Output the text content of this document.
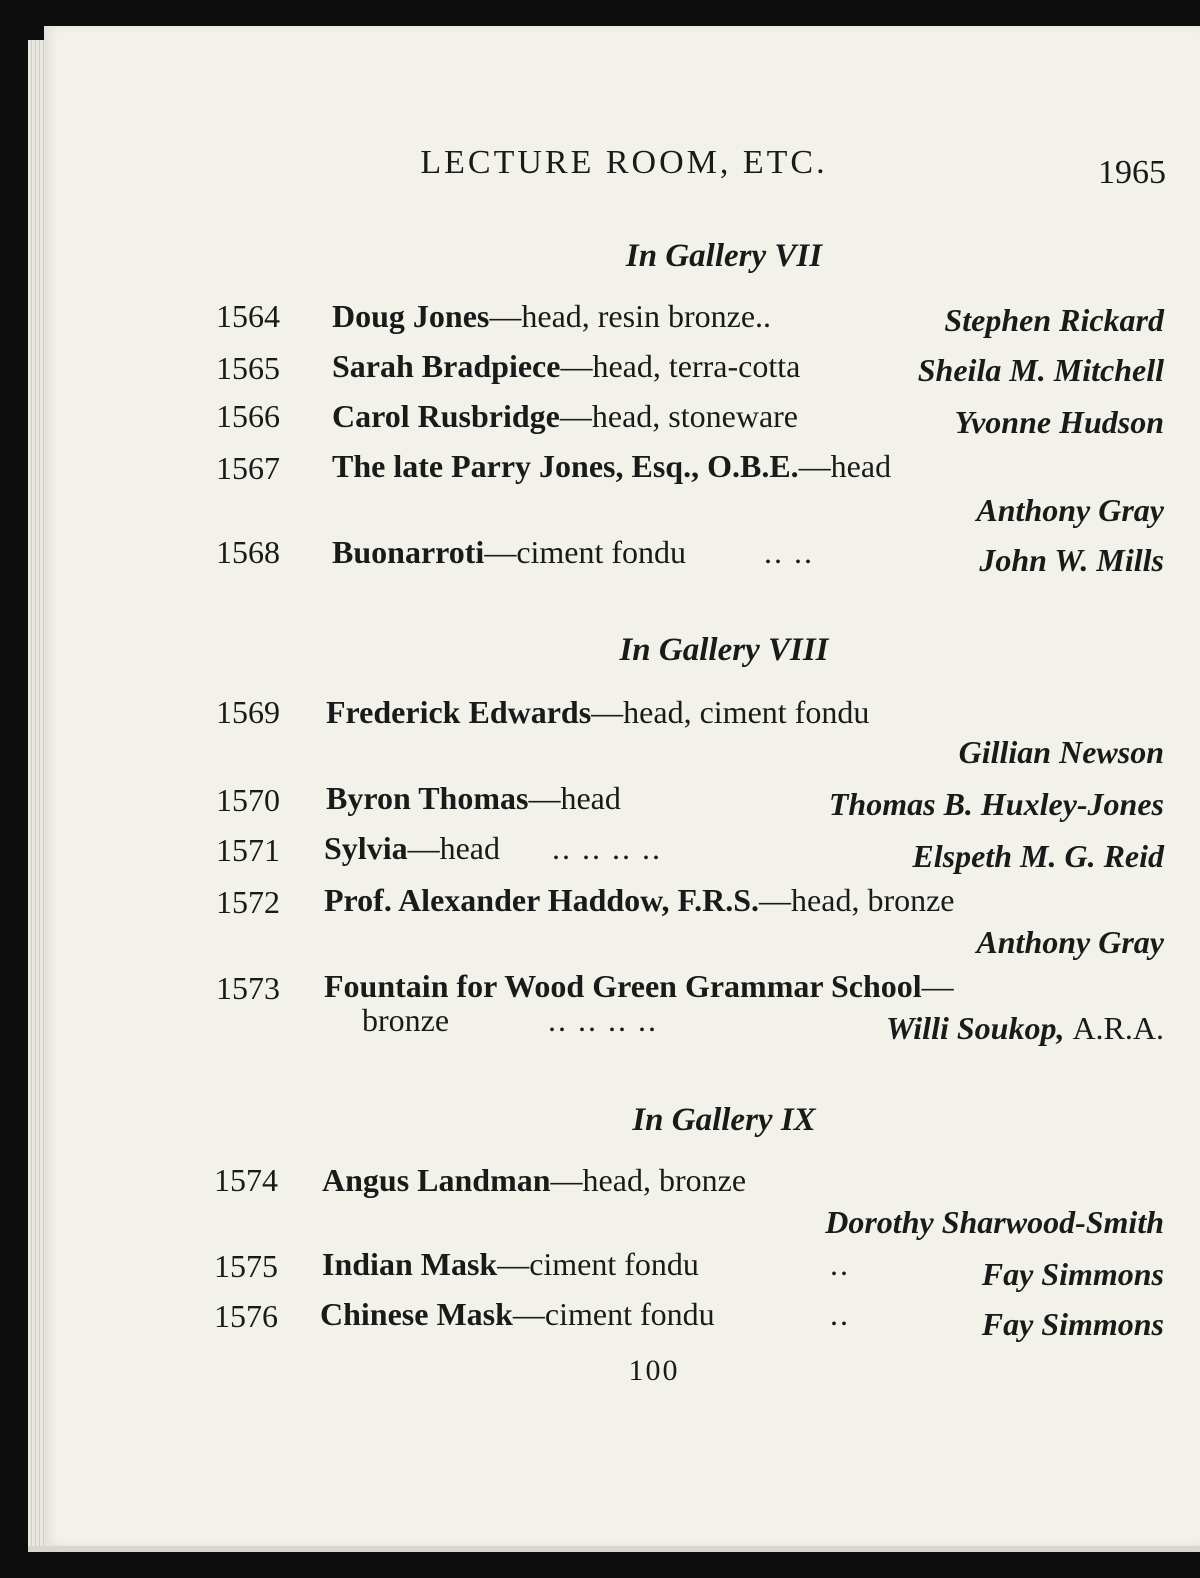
LECTURE ROOM, ETC.	1965
In Gallery VII
1564 Doug Jones—head, resin bronze..	Stephen Rickard
1565 Sarah Bradpiece—head, terra-cotta	Sheila M. Mitchell
1566 Carol Rusbridge—head, stoneware	Yvonne Hudson
1567 The late Parry Jones, Esq., O.B.E.—head
Anthony Gray
1568 Buonarroti—ciment fondu .. ..	John W. Mills
In Gallery VIII
1569 Frederick Edwards—head, ciment fondu
Gillian Newson
1570 Byron Thomas—head	Thomas B. Huxley-Jones
1571 Sylvia—head .. .. .. ..	Elspeth M. G. Reid
1572 Prof. Alexander Haddow, F.R.S.—head, bronze
Anthony Gray
1573 Fountain for Wood Green Grammar School—
bronze	.. .. .. ..	Willi Soukop, A.R.A.
In Gallery IX
1574 Angus Landman—head, bronze
Dorothy Sharwood-Smith
1575 Indian Mask—ciment fondu	..	Fay Simmons
1576 Chinese Mask—ciment fondu	..	Fay Simmons
100
